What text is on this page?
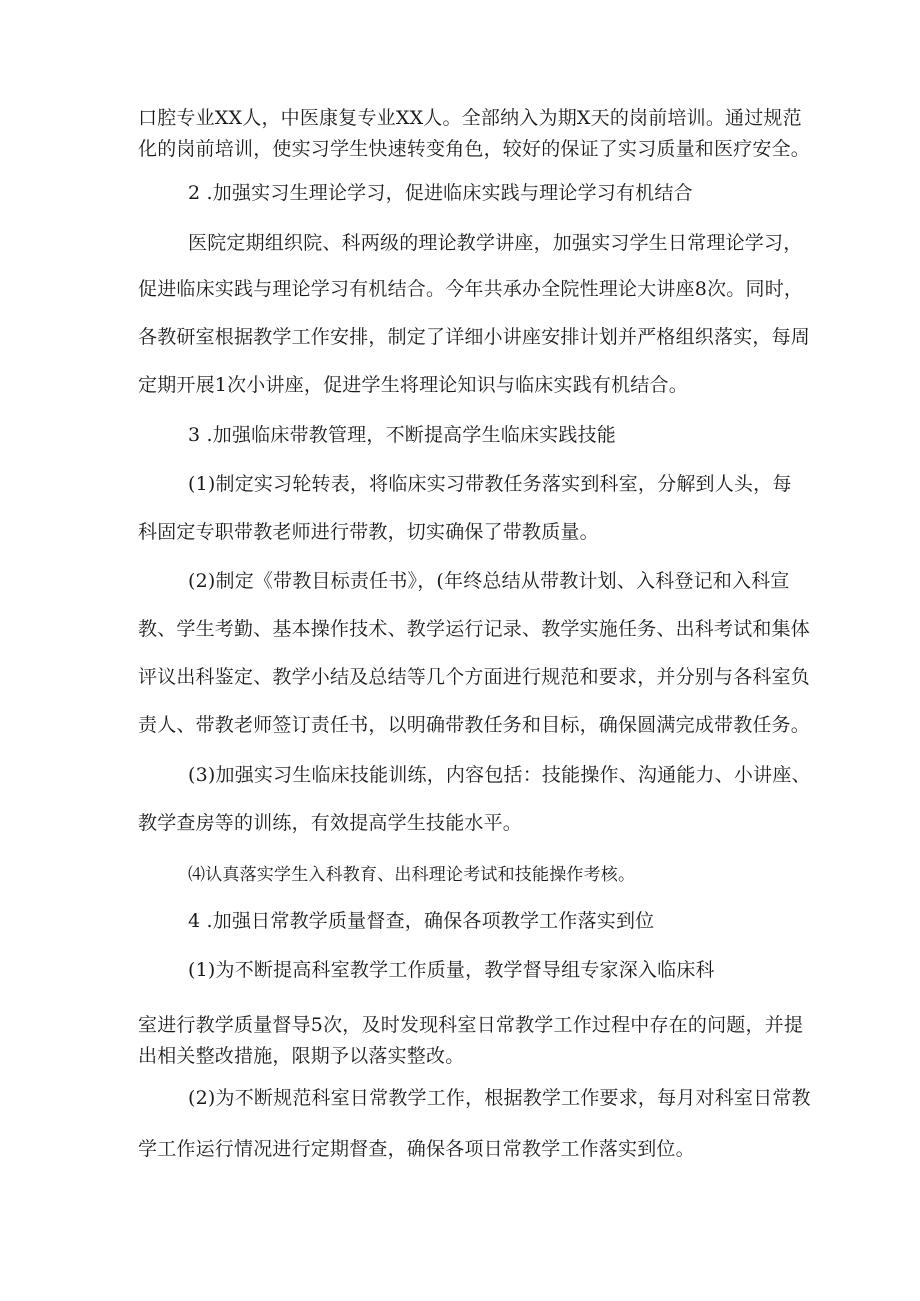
口腔专业XX人，中医康复专业XX人。全部纳入为期X天的岗前培训。通过规范
化的岗前培训，使实习学生快速转变角色，较好的保证了实习质量和医疗安全。
2 .加强实习生理论学习，促进临床实践与理论学习有机结合
医院定期组织院、科两级的理论教学讲座，加强实习学生日常理论学习，
促进临床实践与理论学习有机结合。今年共承办全院性理论大讲座8次。同时，
各教研室根据教学工作安排，制定了详细小讲座安排计划并严格组织落实，每周
定期开展1次小讲座，促进学生将理论知识与临床实践有机结合。
3 .加强临床带教管理，不断提高学生临床实践技能
(1)制定实习轮转表，将临床实习带教任务落实到科室，分解到人头，每
科固定专职带教老师进行带教，切实确保了带教质量。
(2)制定《带教目标责任书》，(年终总结从带教计划、入科登记和入科宣
教、学生考勤、基本操作技术、教学运行记录、教学实施任务、出科考试和集体
评议出科鉴定、教学小结及总结等几个方面进行规范和要求，并分别与各科室负
责人、带教老师签订责任书，以明确带教任务和目标，确保圆满完成带教任务。
(3)加强实习生临床技能训练，内容包括：技能操作、沟通能力、小讲座、
教学查房等的训练，有效提高学生技能水平。
⑷认真落实学生入科教育、出科理论考试和技能操作考核。
4 .加强日常教学质量督查，确保各项教学工作落实到位
(1)为不断提高科室教学工作质量，教学督导组专家深入临床科
室进行教学质量督导5次，及时发现科室日常教学工作过程中存在的问题，并提
出相关整改措施，限期予以落实整改。
(2)为不断规范科室日常教学工作，根据教学工作要求，每月对科室日常教
学工作运行情况进行定期督查，确保各项日常教学工作落实到位。
